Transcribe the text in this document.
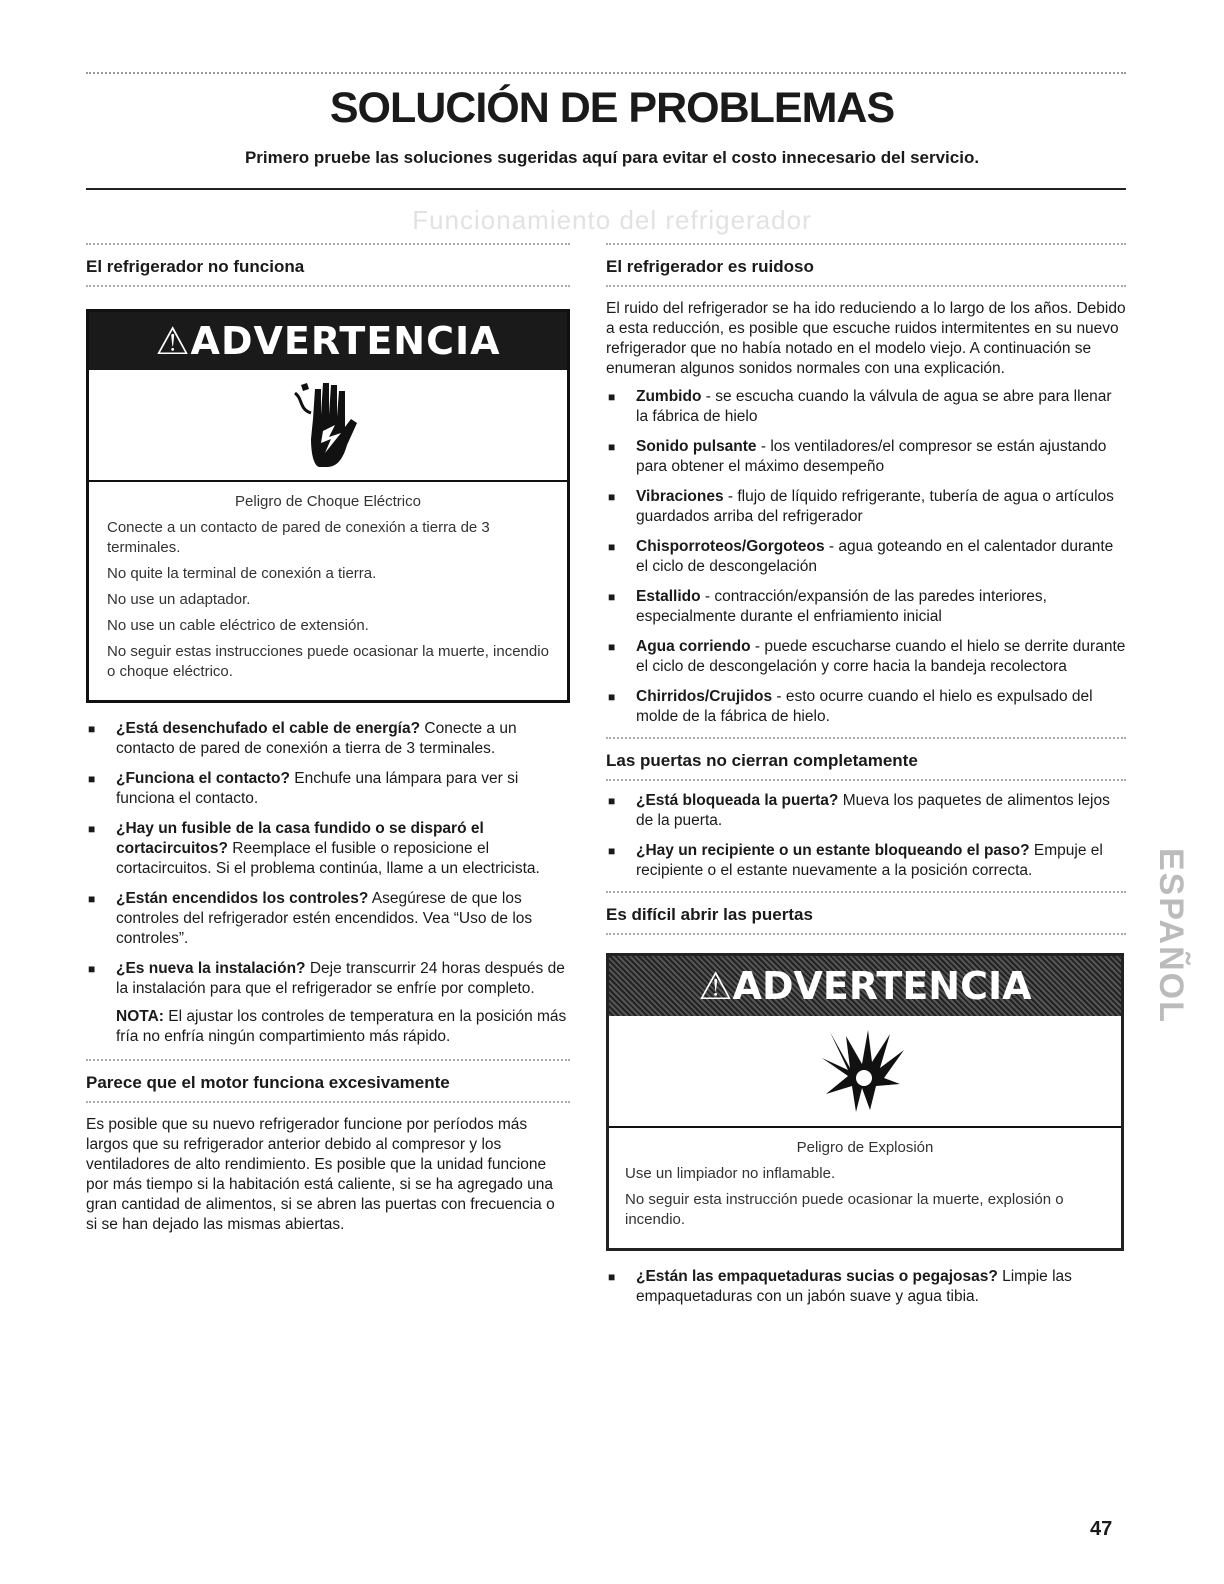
SOLUCIÓN DE PROBLEMAS

Primero pruebe las soluciones sugeridas aquí para evitar el costo innecesario del servicio.

Funcionamiento del refrigerador
El refrigerador no funciona
⚠ADVERTENCIA
Peligro de Choque Eléctrico

Conecte a un contacto de pared de conexión a tierra de 3 terminales.

No quite la terminal de conexión a tierra.

No use un adaptador.

No use un cable eléctrico de extensión.

No seguir estas instrucciones puede ocasionar la muerte, incendio o choque eléctrico.

■ ¿Está desenchufado el cable de energía? Conecte a un contacto de pared de conexión a tierra de 3 terminales.
■ ¿Funciona el contacto? Enchufe una lámpara para ver si funciona el contacto.
■ ¿Hay un fusible de la casa fundido o se disparó el cortacircuitos? Reemplace el fusible o reposicione el cortacircuitos. Si el problema continúa, llame a un electricista.
■ ¿Están encendidos los controles? Asegúrese de que los controles del refrigerador estén encendidos. Vea “Uso de los controles”.
■ ¿Es nueva la instalación? Deje transcurrir 24 horas después de la instalación para que el refrigerador se enfríe por completo.

NOTA: El ajustar los controles de temperatura en la posición más fría no enfría ningún compartimiento más rápido.

Parece que el motor funciona excesivamente

Es posible que su nuevo refrigerador funcione por períodos más largos que su refrigerador anterior debido al compresor y los ventiladores de alto rendimiento. Es posible que la unidad funcione por más tiempo si la habitación está caliente, si se ha agregado una gran cantidad de alimentos, si se abren las puertas con frecuencia o si se han dejado las mismas abiertas.

El refrigerador es ruidoso

El ruido del refrigerador se ha ido reduciendo a lo largo de los años. Debido a esta reducción, es posible que escuche ruidos intermitentes en su nuevo refrigerador que no había notado en el modelo viejo. A continuación se enumeran algunos sonidos normales con una explicación.

■ Zumbido - se escucha cuando la válvula de agua se abre para llenar la fábrica de hielo
■ Sonido pulsante - los ventiladores/el compresor se están ajustando para obtener el máximo desempeño
■ Vibraciones - flujo de líquido refrigerante, tubería de agua o artículos guardados arriba del refrigerador
■ Chisporroteos/Gorgoteos - agua goteando en el calentador durante el ciclo de descongelación
■ Estallido - contracción/expansión de las paredes interiores, especialmente durante el enfriamiento inicial
■ Agua corriendo - puede escucharse cuando el hielo se derrite durante el ciclo de descongelación y corre hacia la bandeja recolectora
■ Chirridos/Crujidos - esto ocurre cuando el hielo es expulsado del molde de la fábrica de hielo.
Las puertas no cierran completamente
■ ¿Está bloqueada la puerta? Mueva los paquetes de alimentos lejos de la puerta.
■ ¿Hay un recipiente o un estante bloqueando el paso? Empuje el recipiente o el estante nuevamente a la posición correcta.
Es difícil abrir las puertas
⚠ADVERTENCIA

Peligro de Explosión

Use un limpiador no inflamable.

No seguir esta instrucción puede ocasionar la muerte, explosión o incendio.

■ ¿Están las empaquetaduras sucias o pegajosas? Limpie las empaquetaduras con un jabón suave y agua tibia.
ESPAÑOL
47
